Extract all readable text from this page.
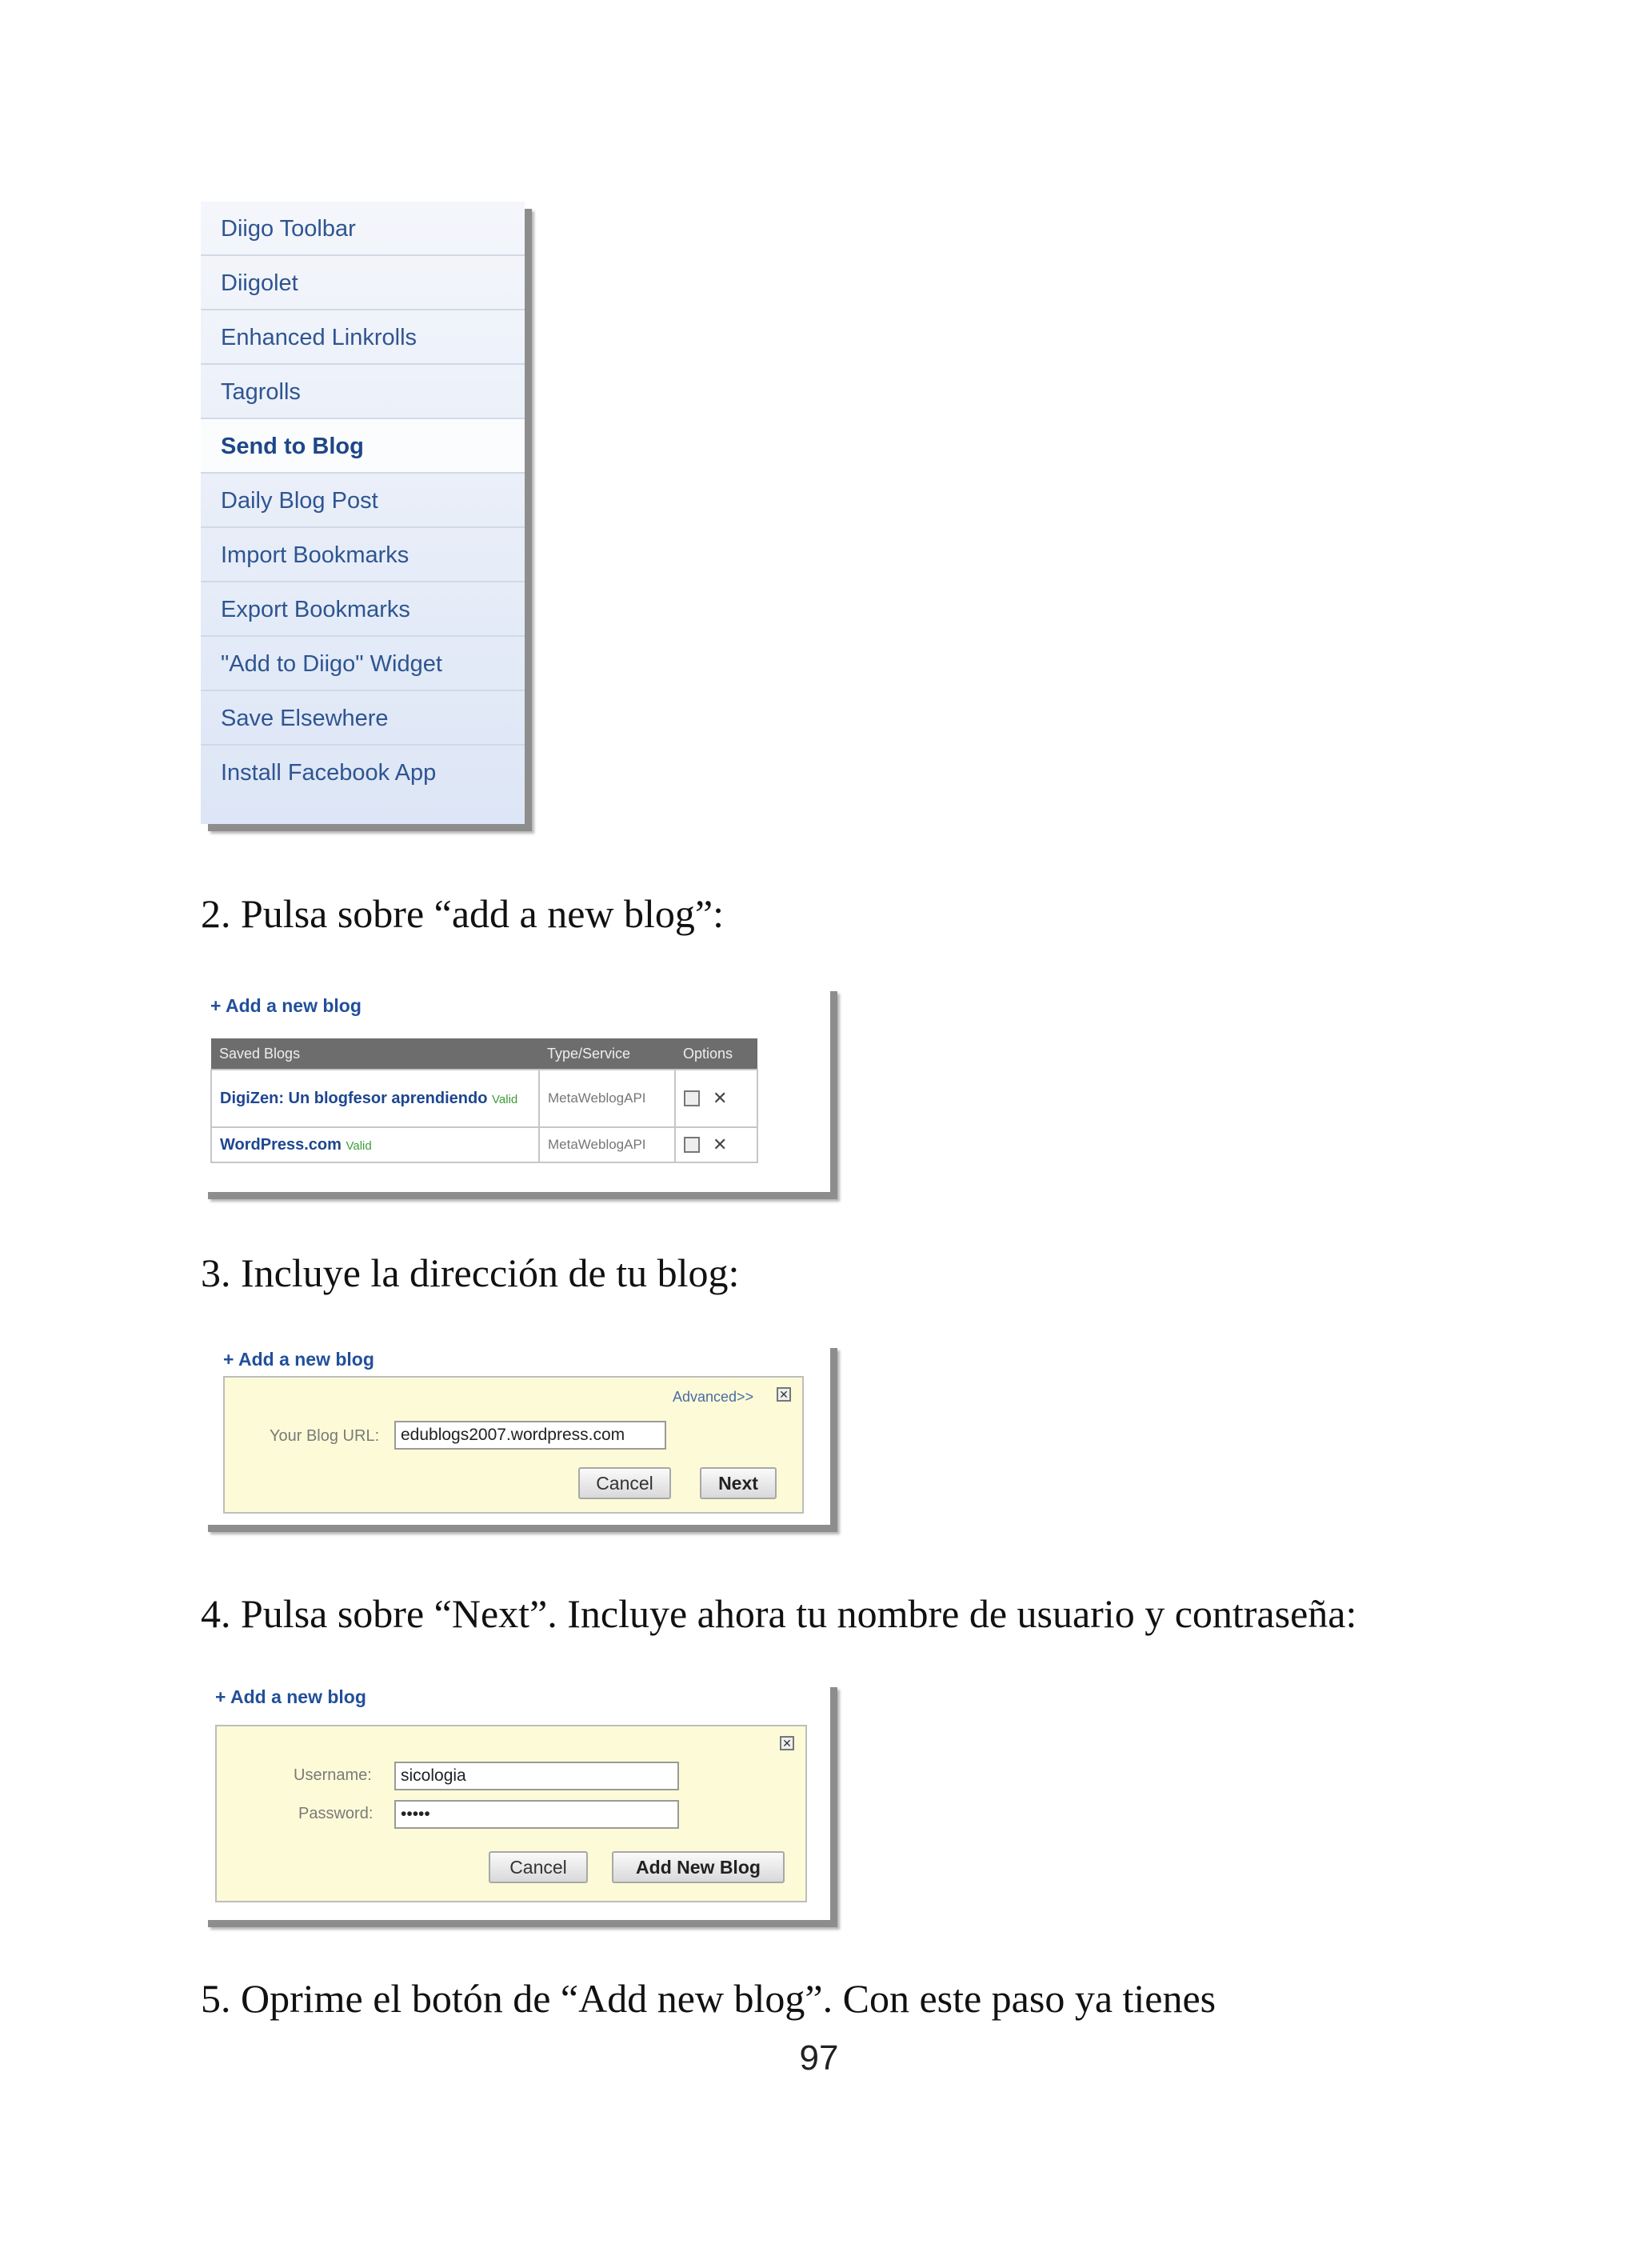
Diigo Toolbar
Diigolet
Enhanced Linkrolls
Tagrolls
Send to Blog
Daily Blog Post
Import Bookmarks
Export Bookmarks
"Add to Diigo" Widget
Save Elsewhere
Install Facebook App
2. Pulsa sobre “add a new blog”:
+ Add a new blog
Saved Blogs	Type/Service	Options
DigiZen: Un blogfesor aprendiendo Valid	MetaWeblogAPI	✕
WordPress.com Valid	MetaWeblogAPI	✕
3. Incluye la dirección de tu blog:
+ Add a new blog
Advanced>> ✕
Your Blog URL:	edublogs2007.wordpress.com
Cancel	Next
4. Pulsa sobre “Next”. Incluye ahora tu nombre de usuario y contraseña:
+ Add a new blog
✕
Username:	sicologia
Password:	•••••
Cancel	Add New Blog
5. Oprime el botón de “Add new blog”. Con este paso ya tienes
97
